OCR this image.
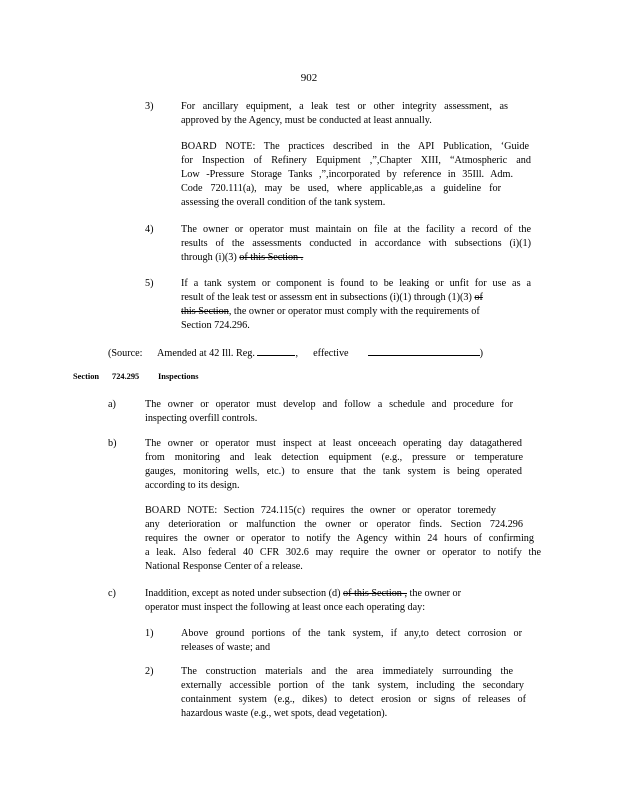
902
3)	For ancillary equipment, a leak test or other integrity assessment, as
approved by the Agency, must be conducted at least annually.
BOARD NOTE: The practices described in the API Publication, ‘Guide
for Inspection of Refinery Equipment ,”,Chapter XIII, “Atmospheric and
Low -Pressure Storage Tanks ,”,incorporated by reference in 35Ill. Adm.
Code 720.111(a), may be used, where applicable,as a guideline for
assessing the overall condition of the tank system.
4)	The owner or operator must maintain on file at the facility a record of the
results of the assessments conducted in accordance with subsections (i)(1)
through (i)(3) of this Section .
5)	If a tank system or component is found to be leaking or unfit for use as a
result of the leak test or assessm ent in subsections (i)(1) through (1)(3) of
this Section, the owner or operator must comply with the requirements of
Section 724.296.
(Source: Amended at 42 Ill. Reg.	, effective	)
Section 724.295 Inspections
a)	The owner or operator must develop and follow a schedule and procedure for
inspecting overfill controls.
b)	The owner or operator must inspect at least onceeach operating day datagathered
from monitoring and leak detection equipment (e.g., pressure or temperature
gauges, monitoring wells, etc.) to ensure that the tank system is being operated
according to its design.
BOARD NOTE: Section 724.115(c) requires the owner or operator toremedy
any deterioration or malfunction the owner or operator finds. Section 724.296
requires the owner or operator to notify the Agency within 24 hours of confirming
a leak. Also federal 40 CFR 302.6 may require the owner or operator to notify the
National Response Center of a release.
c)	Inaddition, except as noted under subsection (d) of this Section , the owner or
operator must inspect the following at least once each operating day:
1)	Above ground portions of the tank system, if any,to detect corrosion or
releases of waste; and
2)	The construction materials and the area immediately surrounding the
externally accessible portion of the tank system, including the secondary
containment system (e.g., dikes) to detect erosion or signs of releases of
hazardous waste (e.g., wet spots, dead vegetation).
